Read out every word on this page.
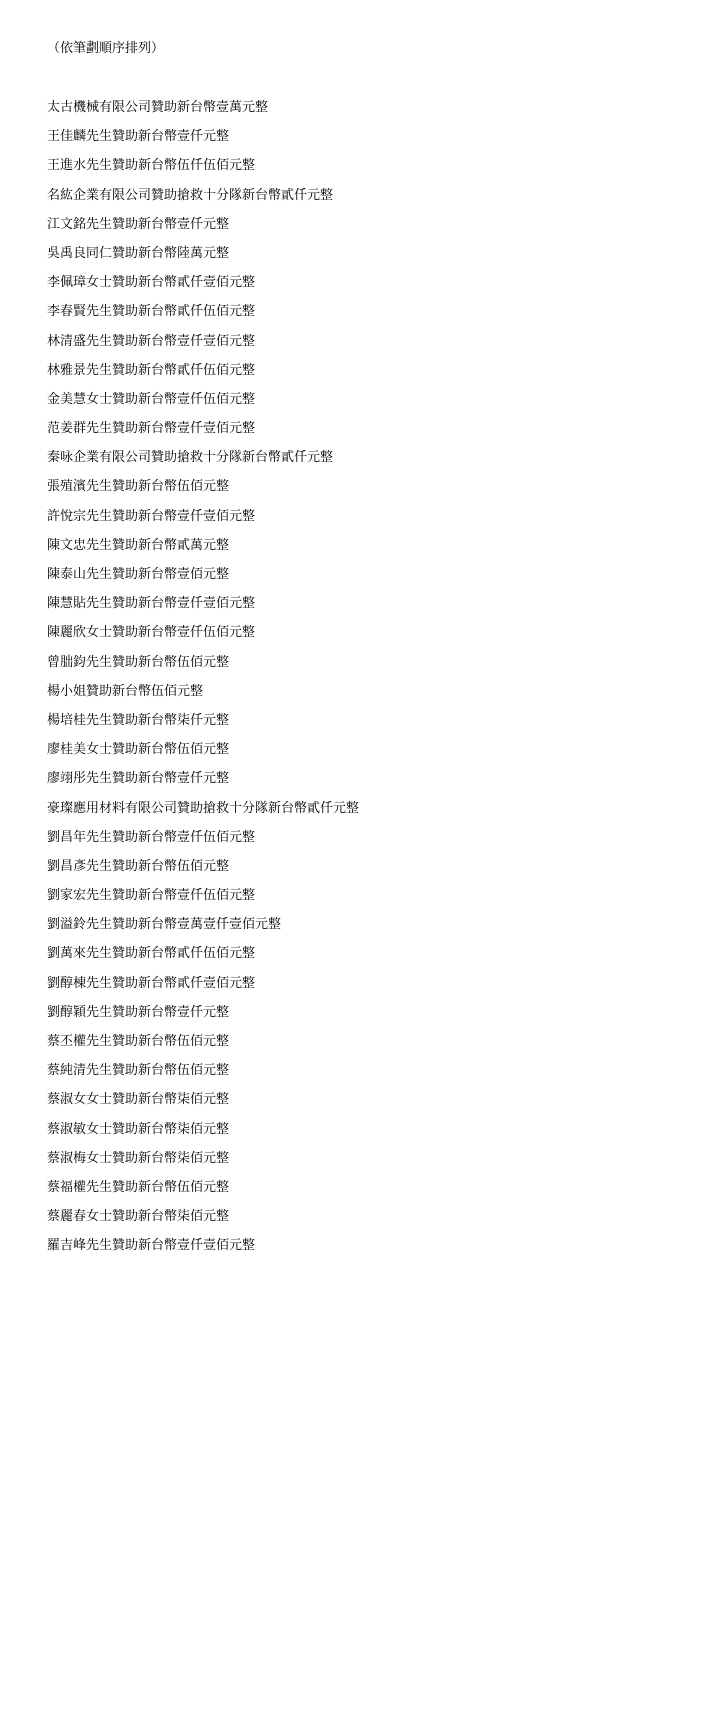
（依筆劃順序排列）

太古機械有限公司贊助新台幣壹萬元整
王佳麟先生贊助新台幣壹仟元整
王進水先生贊助新台幣伍仟伍佰元整
名紘企業有限公司贊助搶救十分隊新台幣貳仟元整
江文銘先生贊助新台幣壹仟元整
吳禹良同仁贊助新台幣陸萬元整
李佩璋女士贊助新台幣貳仟壹佰元整
李春賢先生贊助新台幣貳仟伍佰元整
林清盛先生贊助新台幣壹仟壹佰元整
林雅景先生贊助新台幣貳仟伍佰元整
金美慧女士贊助新台幣壹仟伍佰元整
范姜群先生贊助新台幣壹仟壹佰元整
秦咏企業有限公司贊助搶救十分隊新台幣貳仟元整
張殖濱先生贊助新台幣伍佰元整
許悅宗先生贊助新台幣壹仟壹佰元整
陳文忠先生贊助新台幣貳萬元整
陳泰山先生贊助新台幣壹佰元整
陳慧貼先生贊助新台幣壹仟壹佰元整
陳麗欣女士贊助新台幣壹仟伍佰元整
曾朏鈞先生贊助新台幣伍佰元整
楊小姐贊助新台幣伍佰元整
楊培桂先生贊助新台幣柒仟元整
廖桂美女士贊助新台幣伍佰元整
廖翊彤先生贊助新台幣壹仟元整
豪璨應用材料有限公司贊助搶救十分隊新台幣貳仟元整
劉昌年先生贊助新台幣壹仟伍佰元整
劉昌彥先生贊助新台幣伍佰元整
劉家宏先生贊助新台幣壹仟伍佰元整
劉溢鈴先生贊助新台幣壹萬壹仟壹佰元整
劉萬來先生贊助新台幣貳仟伍佰元整
劉醇棟先生贊助新台幣貳仟壹佰元整
劉醇穎先生贊助新台幣壹仟元整
蔡丕權先生贊助新台幣伍佰元整
蔡純清先生贊助新台幣伍佰元整
蔡淑女女士贊助新台幣柒佰元整
蔡淑敏女士贊助新台幣柒佰元整
蔡淑梅女士贊助新台幣柒佰元整
蔡福權先生贊助新台幣伍佰元整
蔡麗春女士贊助新台幣柒佰元整
羅吉峰先生贊助新台幣壹仟壹佰元整
